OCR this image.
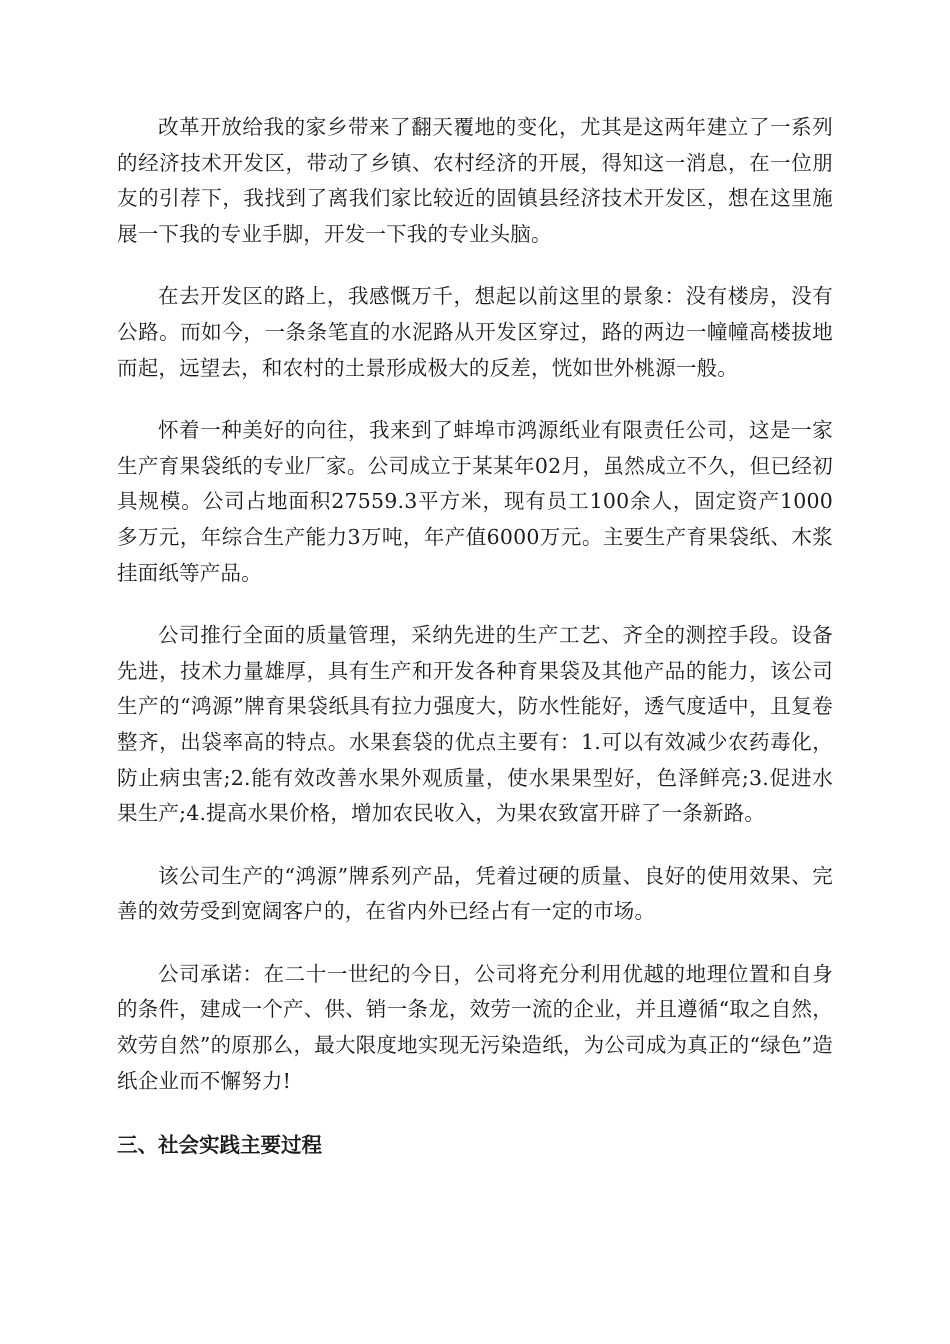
改革开放给我的家乡带来了翻天覆地的变化，尤其是这两年建立了一系列的经济技术开发区，带动了乡镇、农村经济的开展，得知这一消息，在一位朋友的引荐下，我找到了离我们家比较近的固镇县经济技术开发区，想在这里施展一下我的专业手脚，开发一下我的专业头脑。

在去开发区的路上，我感慨万千，想起以前这里的景象：没有楼房，没有公路。而如今，一条条笔直的水泥路从开发区穿过，路的两边一幢幢高楼拔地而起，远望去，和农村的土景形成极大的反差，恍如世外桃源一般。

怀着一种美好的向往，我来到了蚌埠市鸿源纸业有限责任公司，这是一家生产育果袋纸的专业厂家。公司成立于某某年02月，虽然成立不久，但已经初具规模。公司占地面积27559.3平方米，现有员工100余人，固定资产1000多万元，年综合生产能力3万吨，年产值6000万元。主要生产育果袋纸、木浆挂面纸等产品。

公司推行全面的质量管理，采纳先进的生产工艺、齐全的测控手段。设备先进，技术力量雄厚，具有生产和开发各种育果袋及其他产品的能力，该公司生产的“鸿源”牌育果袋纸具有拉力强度大，防水性能好，透气度适中，且复卷整齐，出袋率高的特点。水果套袋的优点主要有：1.可以有效减少农药毒化，防止病虫害;2.能有效改善水果外观质量，使水果果型好，色泽鲜亮;3.促进水果生产;4.提高水果价格，增加农民收入，为果农致富开辟了一条新路。

该公司生产的“鸿源”牌系列产品，凭着过硬的质量、良好的使用效果、完善的效劳受到宽阔客户的，在省内外已经占有一定的市场。

公司承诺：在二十一世纪的今日，公司将充分利用优越的地理位置和自身的条件，建成一个产、供、销一条龙，效劳一流的企业，并且遵循“取之自然，效劳自然”的原那么，最大限度地实现无污染造纸，为公司成为真正的“绿色”造纸企业而不懈努力!

三、社会实践主要过程
